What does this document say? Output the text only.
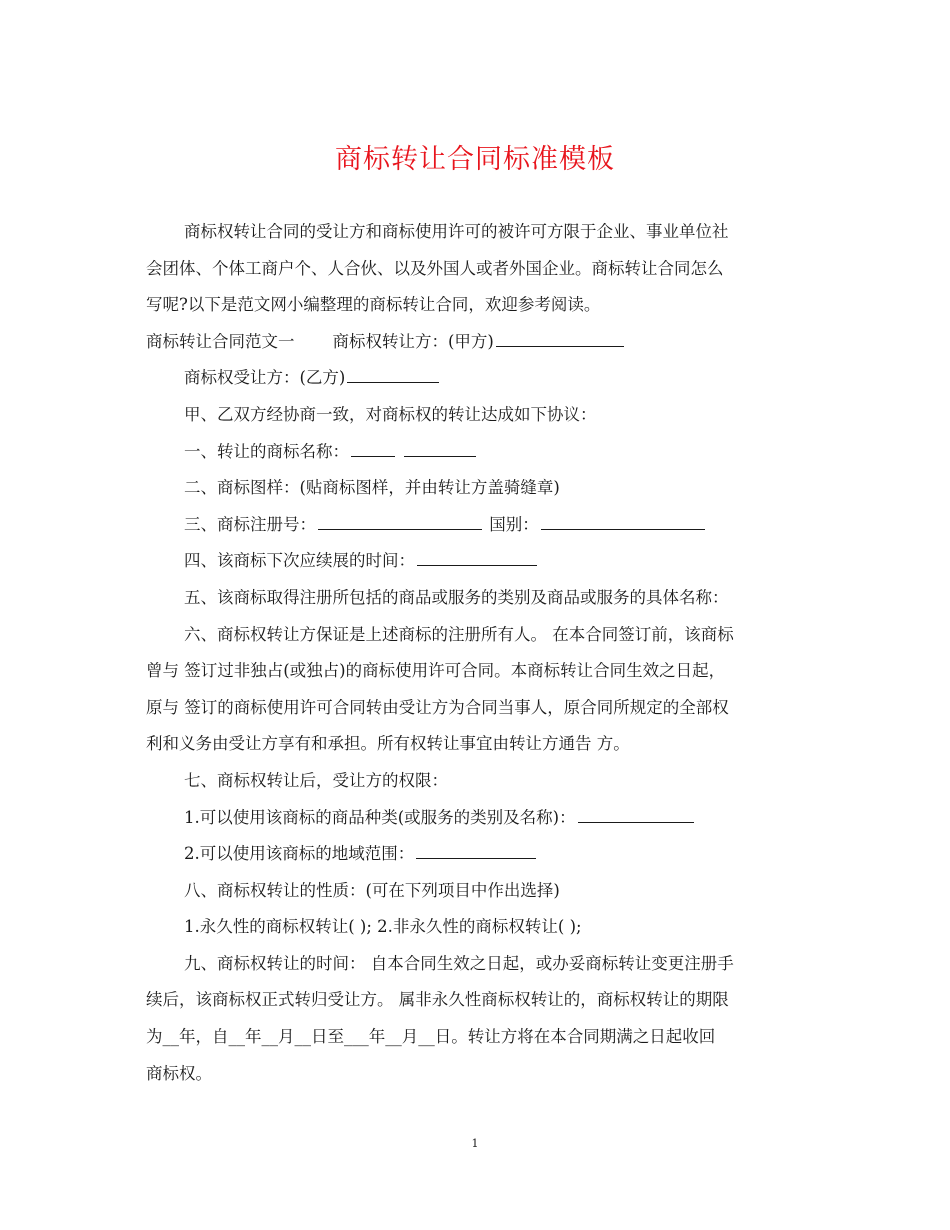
商标转让合同标准模板

商标权转让合同的受让方和商标使用许可的被许可方限于企业、事业单位社

会团体、个体工商户个、人合伙、以及外国人或者外国企业。商标转让合同怎么

写呢?以下是范文网小编整理的商标转让合同，欢迎参考阅读。

商标转让合同范文一 商标权转让方：(甲方)

商标权受让方：(乙方)

甲、乙双方经协商一致，对商标权的转让达成如下协议：

一、转让的商标名称：

二、商标图样：(贴商标图样，并由转让方盖骑缝章)

三、商标注册号：	国别：

四、该商标下次应续展的时间：

五、该商标取得注册所包括的商品或服务的类别及商品或服务的具体名称：

六、商标权转让方保证是上述商标的注册所有人。 在本合同签订前，该商标

曾与 签订过非独占(或独占)的商标使用许可合同。本商标转让合同生效之日起，

原与 签订的商标使用许可合同转由受让方为合同当事人，原合同所规定的全部权

利和义务由受让方享有和承担。所有权转让事宜由转让方通告 方。

七、商标权转让后，受让方的权限：

1.可以使用该商标的商品种类(或服务的类别及名称)：

2.可以使用该商标的地域范围：

八、商标权转让的性质：(可在下列项目中作出选择)

1.永久性的商标权转让( ); 2.非永久性的商标权转让( );

九、商标权转让的时间： 自本合同生效之日起，或办妥商标转让变更注册手

续后，该商标权正式转归受让方。 属非永久性商标权转让的，商标权转让的期限

为__年，自__年__月__日至___年__月__日。转让方将在本合同期满之日起收回

商标权。

1
